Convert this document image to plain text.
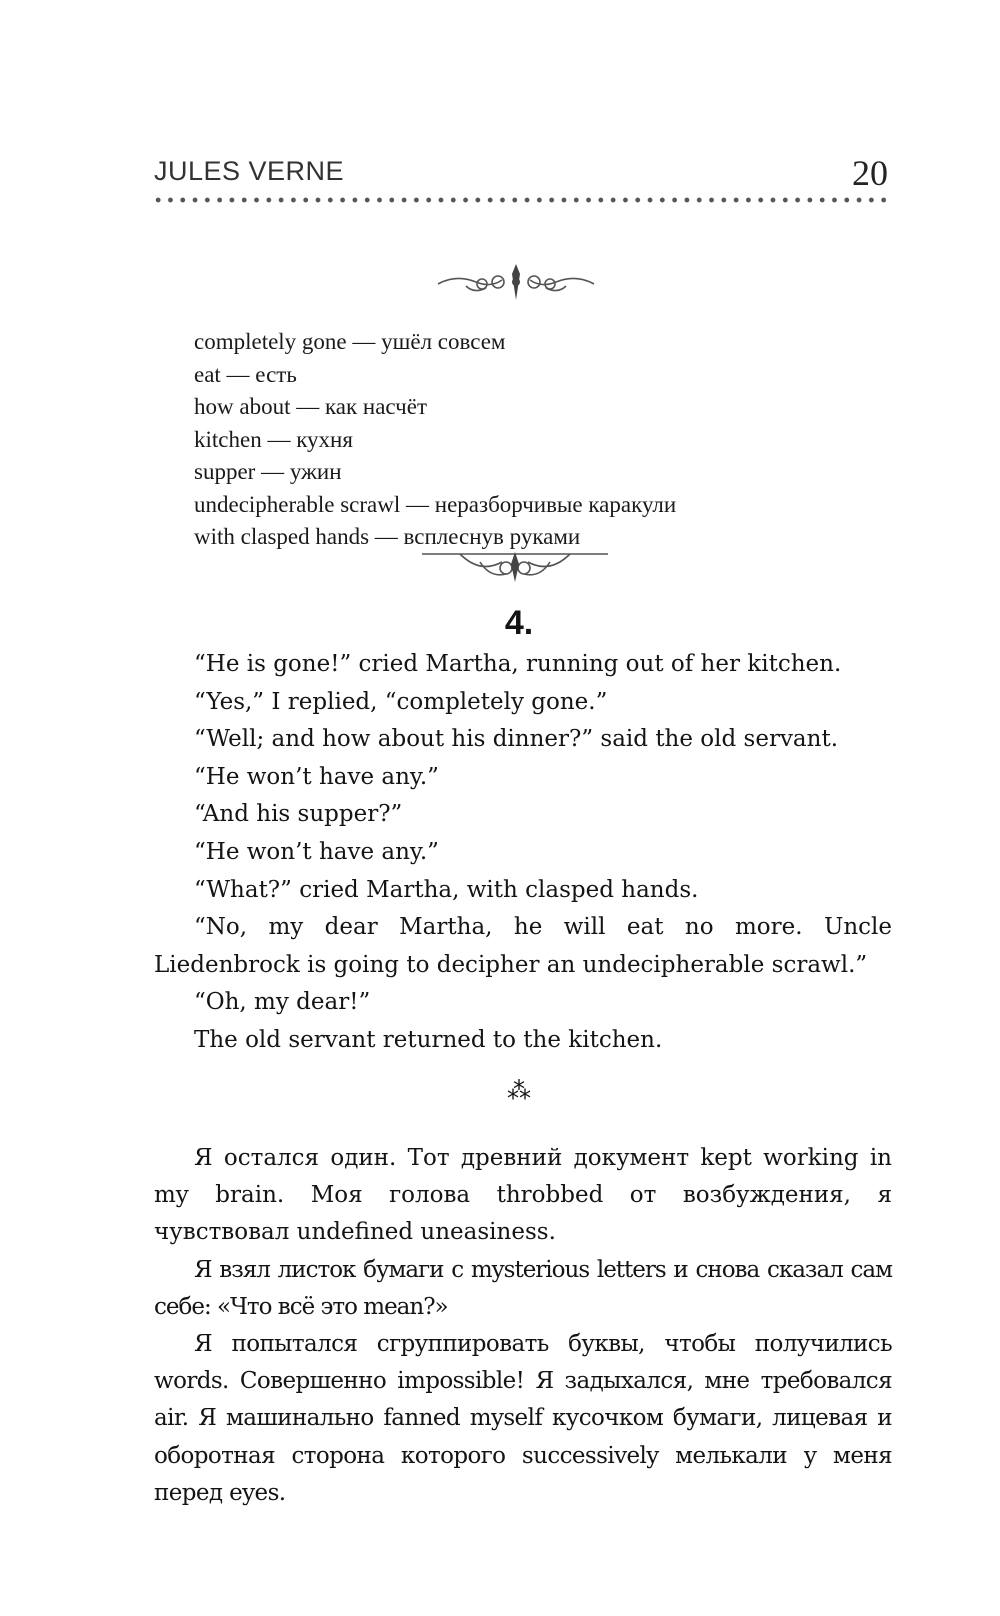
JULES VERNE	20
completely gone — ушёл совсем
eat — есть
how about — как насчёт
kitchen — кухня
supper — ужин
undecipherable scrawl — неразборчивые каракули
with clasped hands — всплеснув руками
4.

“He is gone!” cried Martha, running out of her kitchen.

“Yes,” I replied, “completely gone.”

“Well; and how about his dinner?” said the old servant.

“He won’t have any.”

“And his supper?”

“He won’t have any.”

“What?” cried Martha, with clasped hands.

“No, my dear Martha, he will eat no more. Uncle Liedenbrock is going to decipher an undecipherable scrawl.”

“Oh, my dear!”

The old servant returned to the kitchen.

⁂

Я остался один. Тот древний документ kept working in my brain. Моя голова throbbed от возбуждения, я чувствовал undefined uneasiness.

Я взял листок бумаги с mysterious letters и снова сказал сам себе: «Что всё это mean?»

Я попытался сгруппировать буквы, чтобы получились words. Совершенно impossible! Я задыхался, мне требовался air. Я машинально fanned myself кусочком бумаги, лицевая и оборотная сторона которого successively мелькали у меня перед eyes.
